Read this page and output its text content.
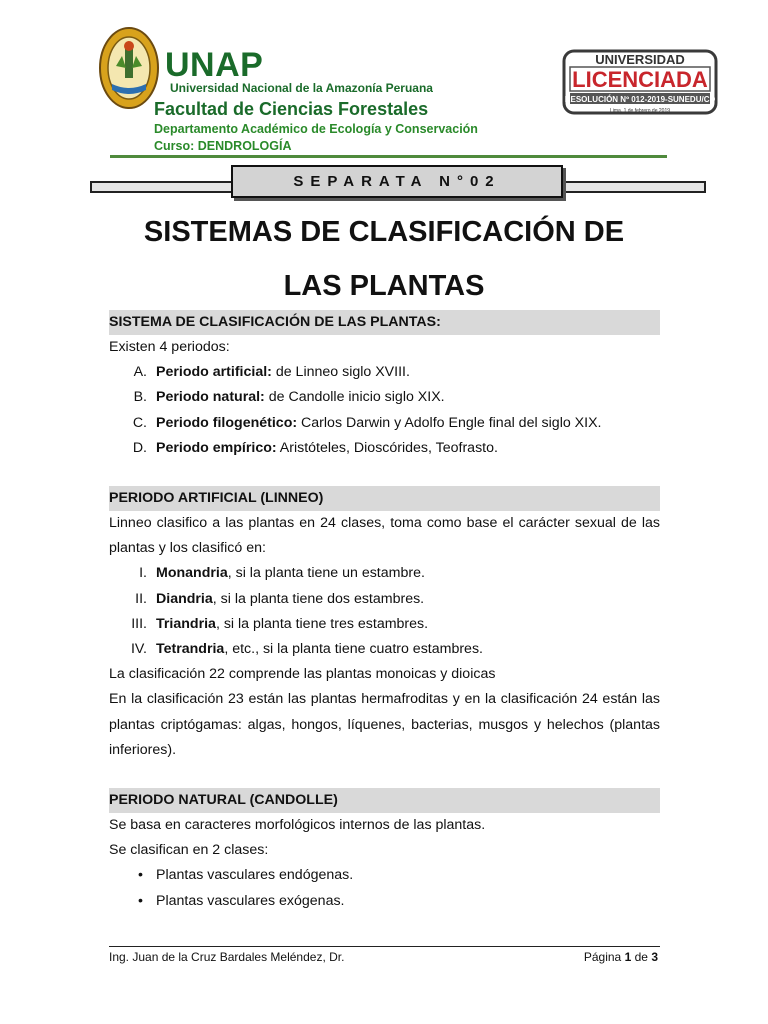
UNAP
Universidad Nacional de la Amazonía Peruana
Facultad de Ciencias Forestales
Departamento Académico de Ecología y Conservación
Curso: DENDROLOGÍA
UNIVERSIDAD
LICENCIADA
RESOLUCIÓN Nº 012-2019-SUNEDU/CD
Lima, 1 de febrero de 2019
SEPARATA N°02
SISTEMAS DE CLASIFICACIÓN DE
LAS PLANTAS
SISTEMA DE CLASIFICACIÓN DE LAS PLANTAS:

Existen 4 periodos:

A. Periodo artificial: de Linneo siglo XVIII.
B. Periodo natural: de Candolle inicio siglo XIX.
C. Periodo filogenético: Carlos Darwin y Adolfo Engle final del siglo XIX.
D. Periodo empírico: Aristóteles, Dioscórides, Teofrasto.
PERIODO ARTIFICIAL (LINNEO)

Linneo clasifico a las plantas en 24 clases, toma como base el carácter sexual de las plantas y los clasificó en:

I. Monandria, si la planta tiene un estambre.
II. Diandria, si la planta tiene dos estambres.
III. Triandria, si la planta tiene tres estambres.
IV. Tetrandria, etc., si la planta tiene cuatro estambres.

La clasificación 22 comprende las plantas monoicas y dioicas

En la clasificación 23 están las plantas hermafroditas y en la clasificación 24 están las plantas criptógamas: algas, hongos, líquenes, bacterias, musgos y helechos (plantas inferiores).

PERIODO NATURAL (CANDOLLE)

Se basa en caracteres morfológicos internos de las plantas.

Se clasifican en 2 clases:

• Plantas vasculares endógenas.
• Plantas vasculares exógenas.
Ing. Juan de la Cruz Bardales Meléndez, Dr.	Página 1 de 3
